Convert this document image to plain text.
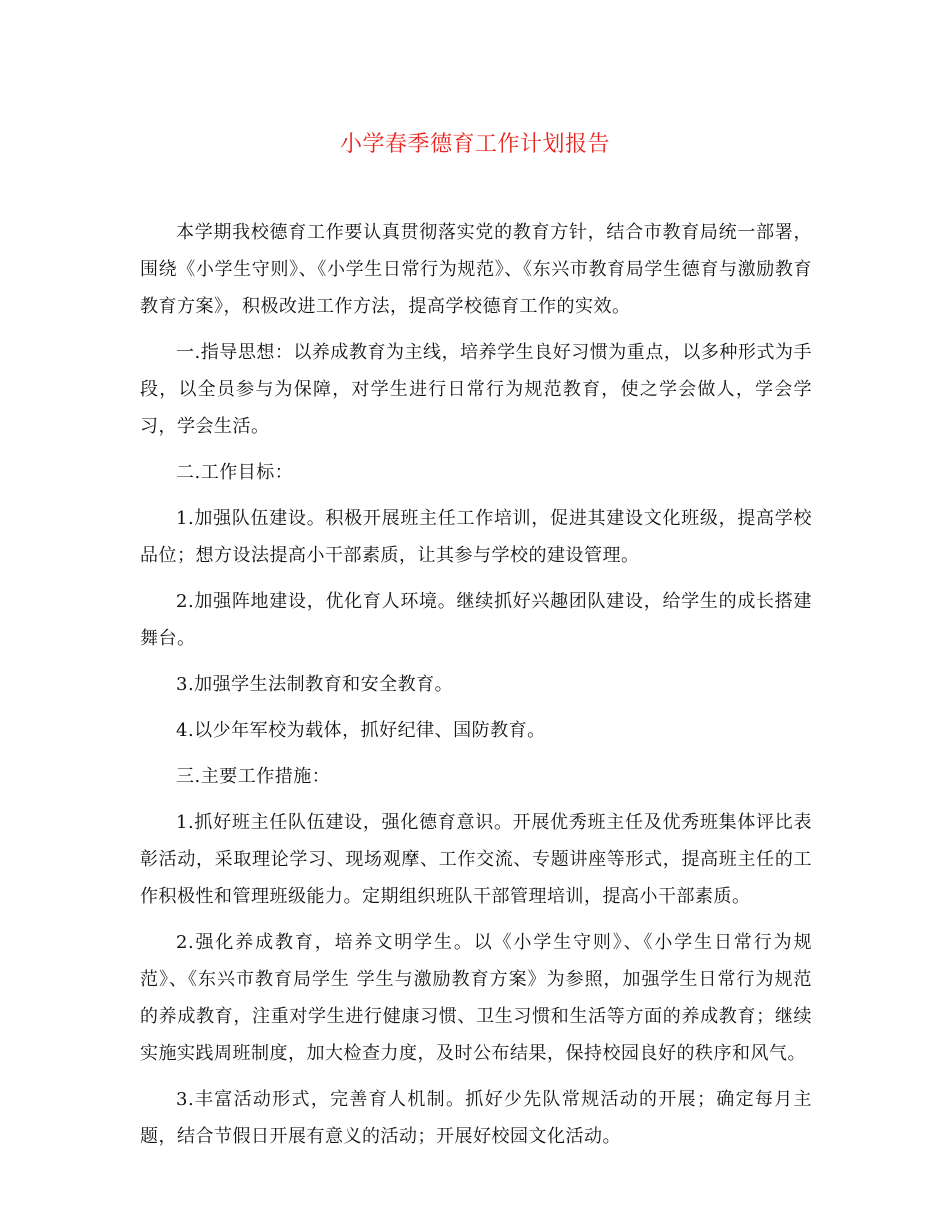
小学春季德育工作计划报告

本学期我校德育工作要认真贯彻落实党的教育方针，结合市教育局统一部署，围绕《小学生守则》、《小学生日常行为规范》、《东兴市教育局学生德育与激励教育教育方案》，积极改进工作方法，提高学校德育工作的实效。

一.指导思想：以养成教育为主线，培养学生良好习惯为重点，以多种形式为手段，以全员参与为保障，对学生进行日常行为规范教育，使之学会做人，学会学习，学会生活。

二.工作目标：

1.加强队伍建设。积极开展班主任工作培训，促进其建设文化班级，提高学校品位；想方设法提高小干部素质，让其参与学校的建设管理。

2.加强阵地建设，优化育人环境。继续抓好兴趣团队建设，给学生的成长搭建舞台。

3.加强学生法制教育和安全教育。

4.以少年军校为载体，抓好纪律、国防教育。

三.主要工作措施：

1.抓好班主任队伍建设，强化德育意识。开展优秀班主任及优秀班集体评比表彰活动，采取理论学习、现场观摩、工作交流、专题讲座等形式，提高班主任的工作积极性和管理班级能力。定期组织班队干部管理培训，提高小干部素质。

2.强化养成教育，培养文明学生。以《小学生守则》、《小学生日常行为规范》、《东兴市教育局学生 学生与激励教育方案》为参照，加强学生日常行为规范的养成教育，注重对学生进行健康习惯、卫生习惯和生活等方面的养成教育；继续实施实践周班制度，加大检查力度，及时公布结果，保持校园良好的秩序和风气。

3.丰富活动形式，完善育人机制。抓好少先队常规活动的开展；确定每月主题，结合节假日开展有意义的活动；开展好校园文化活动。
